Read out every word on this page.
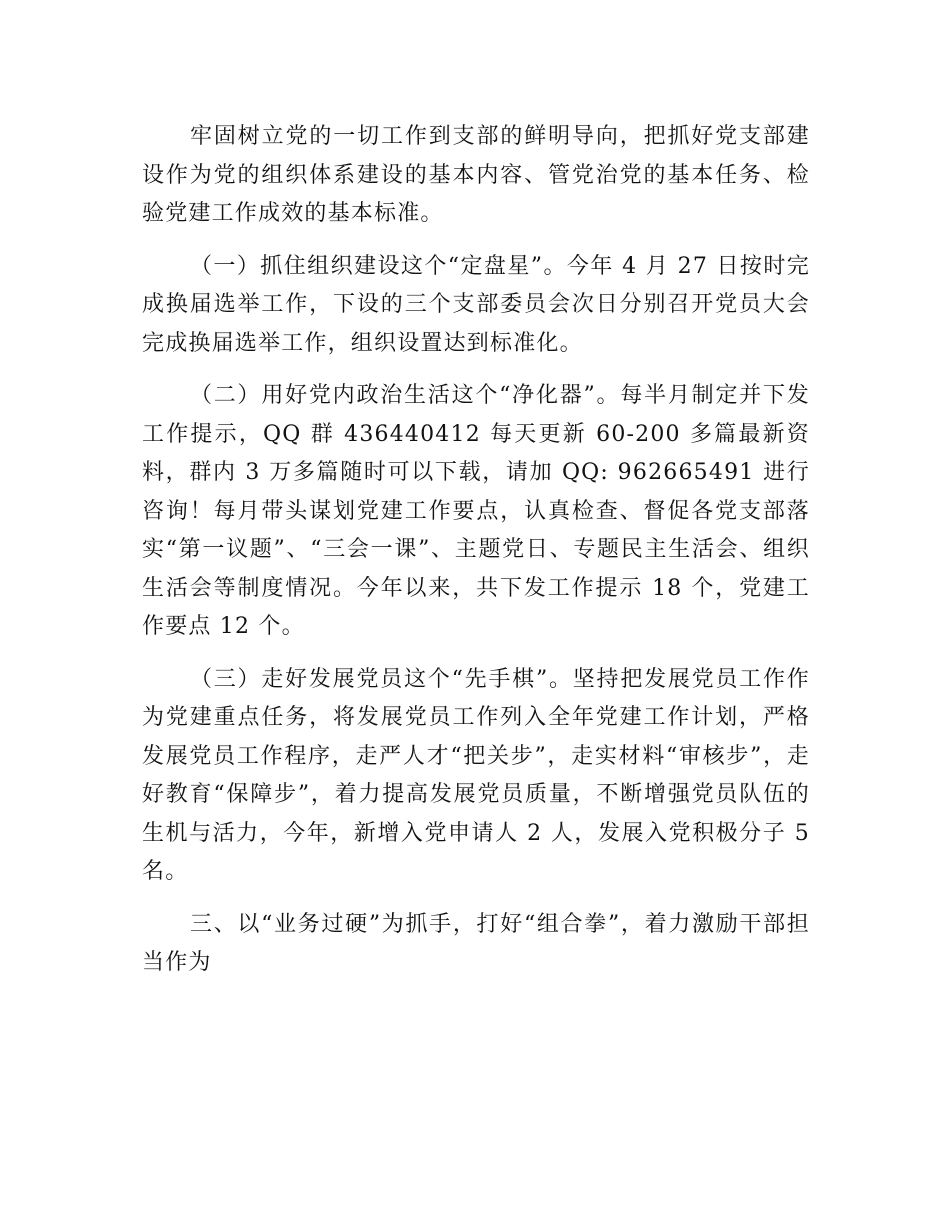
牢固树立党的一切工作到支部的鲜明导向，把抓好党支部建设作为党的组织体系建设的基本内容、管党治党的基本任务、检验党建工作成效的基本标准。

（一）抓住组织建设这个“定盘星”。今年 4 月 27 日按时完成换届选举工作，下设的三个支部委员会次日分别召开党员大会完成换届选举工作，组织设置达到标准化。

（二）用好党内政治生活这个“净化器”。每半月制定并下发工作提示，QQ 群 436440412 每天更新 60-200 多篇最新资料，群内 3 万多篇随时可以下载，请加 QQ: 962665491 进行咨询！每月带头谋划党建工作要点，认真检查、督促各党支部落实“第一议题”、“三会一课”、主题党日、专题民主生活会、组织生活会等制度情况。今年以来，共下发工作提示 18 个，党建工作要点 12 个。

（三）走好发展党员这个“先手棋”。坚持把发展党员工作作为党建重点任务，将发展党员工作列入全年党建工作计划，严格发展党员工作程序，走严人才“把关步”，走实材料“审核步”，走好教育“保障步”，着力提高发展党员质量，不断增强党员队伍的生机与活力，今年，新增入党申请人 2 人，发展入党积极分子 5 名。

三、以“业务过硬”为抓手，打好“组合拳”，着力激励干部担当作为
